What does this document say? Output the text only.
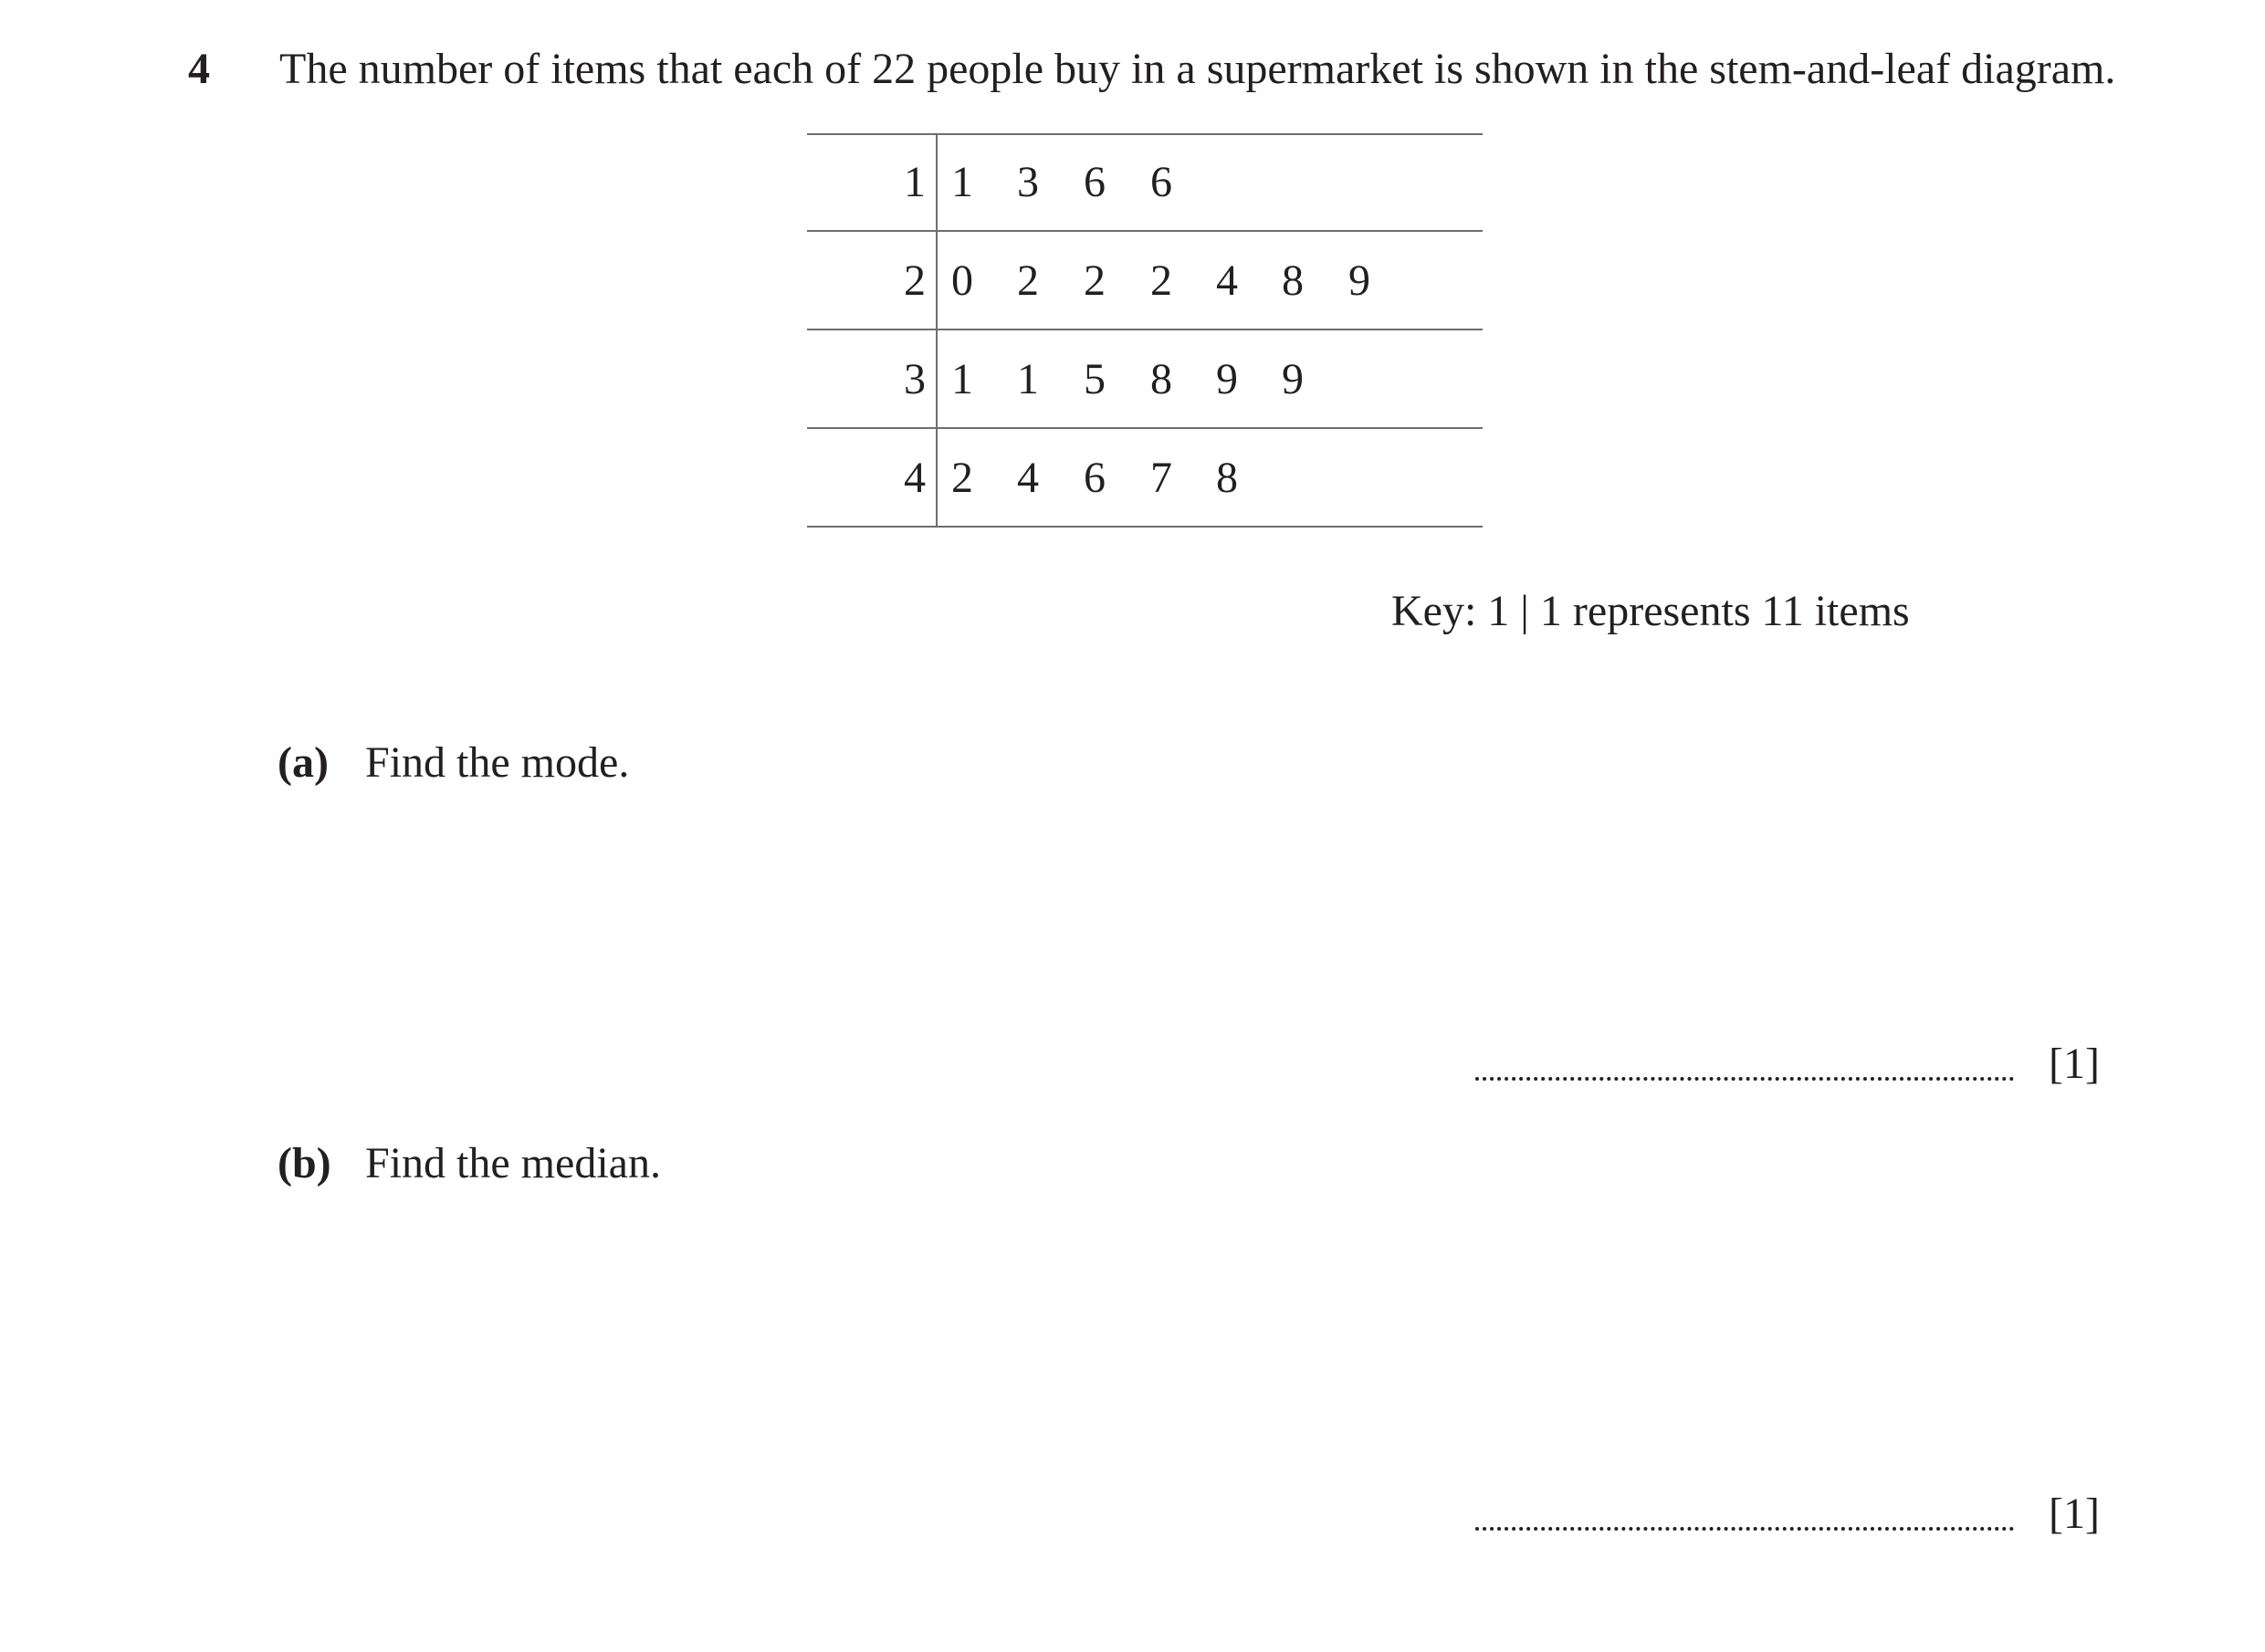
4 The number of items that each of 22 people buy in a supermarket is shown in the stem-and-leaf diagram.
1 1 3 6 6
2 0 2 2 2 4 8 9
3 1 1 5 8 9 9
4 2 4 6 7 8
Key: 1 | 1 represents 11 items
(a) Find the mode.
[1]
(b) Find the median.
[1]
